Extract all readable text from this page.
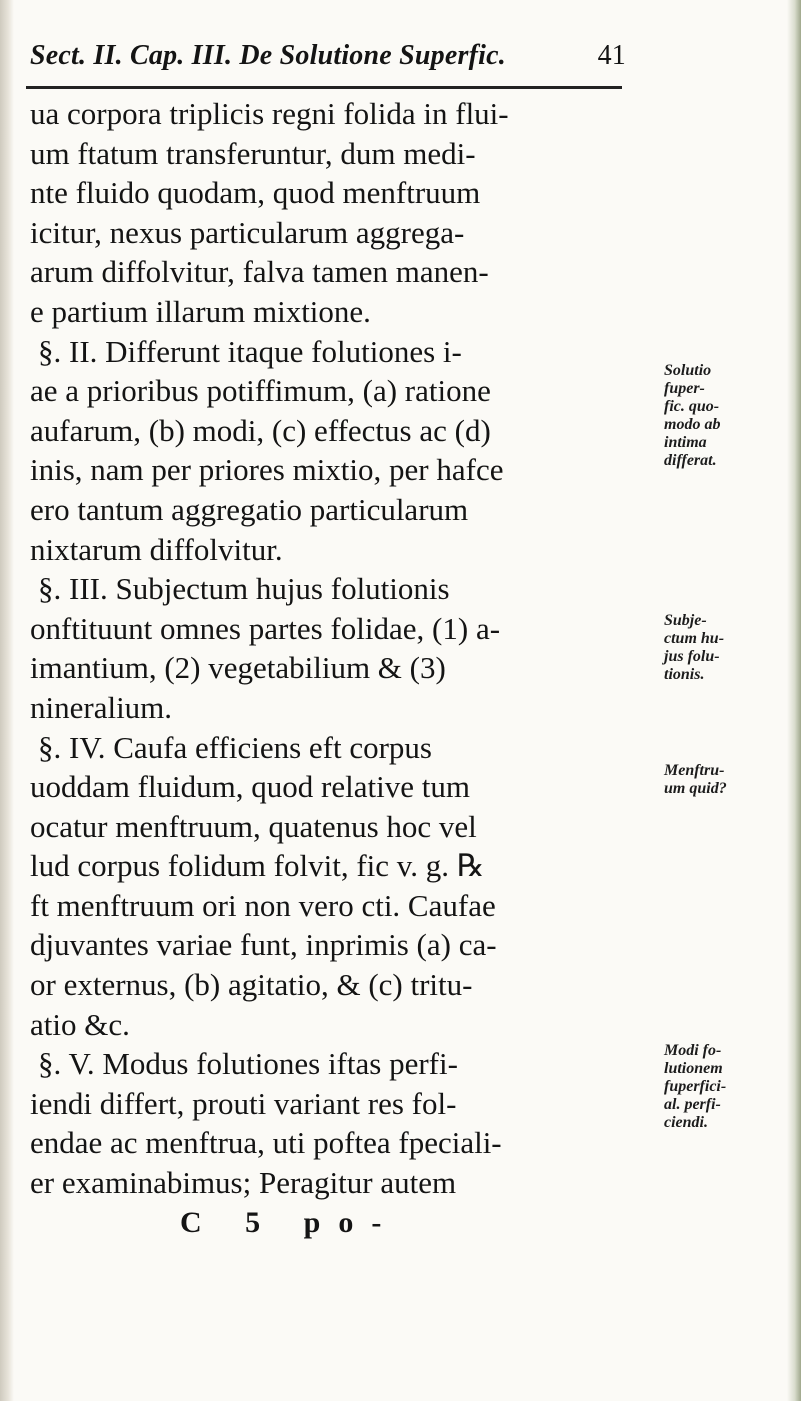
Sect. II. Cap. III. De Solutione Superfic.	41
ua corpora triplicis regni folida in flui-
um ftatum transferuntur, dum medi-
nte fluido quodam, quod menftruum
icitur, nexus particularum aggrega-
arum diffolvitur, falva tamen manen-
e partium illarum mixtione.
§. II. Differunt itaque folutiones i-
ae a prioribus potiffimum, (a) ratione
aufarum, (b) modi, (c) effectus ac (d)
inis, nam per priores mixtio, per hafce
ero tantum aggregatio particularum
nixtarum diffolvitur.
§. III. Subjectum hujus folutionis
onftituunt omnes partes folidae, (1) a-
imantium, (2) vegetabilium & (3)
nineralium.
§. IV. Caufa efficiens eft corpus
uoddam fluidum, quod relative tum
ocatur menftruum, quatenus hoc vel
lud corpus folidum folvit, fic v. g. ℞
ft menftruum ori non vero cti. Caufae
djuvantes variae funt, inprimis (a) ca-
or externus, (b) agitatio, & (c) tritu-
atio &c.
§. V. Modus folutiones iftas perfi-
iendi differt, prouti variant res fol-
endae ac menftrua, uti poftea fpeciali-
er examinabimus; Peragitur autem
C 5 po-
Solutio
fuper-
fic. quo-
modo ab
intima
differat.
Subje-
ctum hu-
jus folu-
tionis.
Menftru-
um quid?
Modi fo-
lutionem
fuperfici-
al. perfi-
ciendi.
